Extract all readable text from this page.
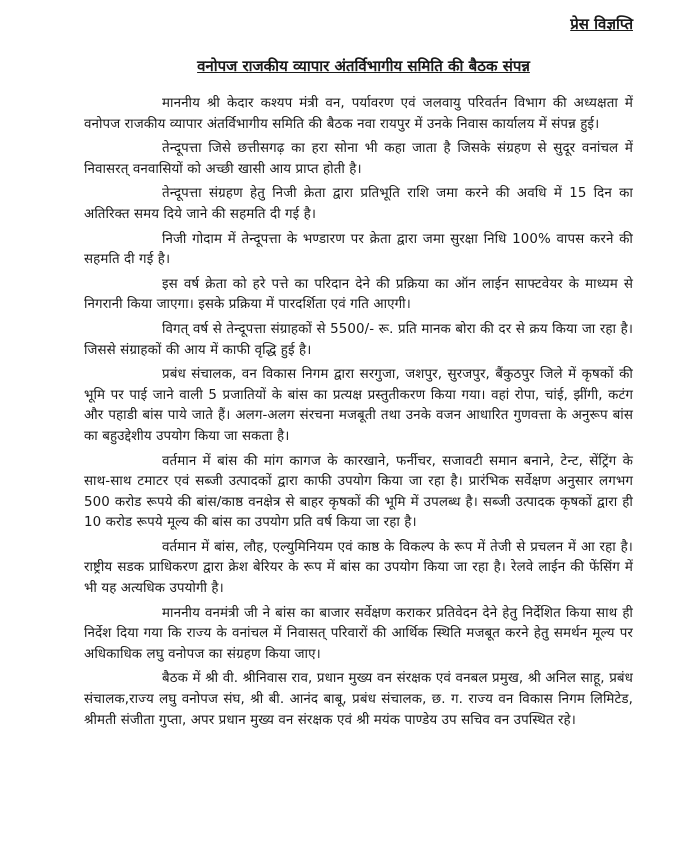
प्रेस विज्ञप्ति
वनोपज राजकीय व्यापार अंतर्विभागीय समिति की बैठक संपन्न

माननीय श्री केदार कश्यप मंत्री वन, पर्यावरण एवं जलवायु परिवर्तन विभाग की अध्यक्षता में वनोपज राजकीय व्यापार अंतर्विभागीय समिति की बैठक नवा रायपुर में उनके निवास कार्यालय में संपन्न हुई।

तेन्दूपत्ता जिसे छत्तीसगढ़ का हरा सोना भी कहा जाता है जिसके संग्रहण से सुदूर वनांचल में निवासरत् वनवासियों को अच्छी खासी आय प्राप्त होती है।

तेन्दूपत्ता संग्रहण हेतु निजी क्रेता द्वारा प्रतिभूति राशि जमा करने की अवधि में 15 दिन का अतिरिक्त समय दिये जाने की सहमति दी गई है।

निजी गोदाम में तेन्दूपत्ता के भण्डारण पर क्रेता द्वारा जमा सुरक्षा निधि 100% वापस करने की सहमति दी गई है।

इस वर्ष क्रेता को हरे पत्ते का परिदान देने की प्रक्रिया का ऑन लाईन साफ्टवेयर के माध्यम से निगरानी किया जाएगा। इसके प्रक्रिया में पारदर्शिता एवं गति आएगी।

विगत् वर्ष से तेन्दूपत्ता संग्राहकों से 5500/- रू. प्रति मानक बोरा की दर से क्रय किया जा रहा है। जिससे संग्राहकों की आय में काफी वृद्धि हुई है।

प्रबंध संचालक, वन विकास निगम द्वारा सरगुजा, जशपुर, सुरजपुर, बैंकुठपुर जिले में कृषकों की भूमि पर पाई जाने वाली 5 प्रजातियों के बांस का प्रत्यक्ष प्रस्तुतीकरण किया गया। वहां रोपा, चांई, झींगी, कटंग और पहाडी बांस पाये जाते हैं। अलग-अलग संरचना मजबूती तथा उनके वजन आधारित गुणवत्ता के अनुरूप बांस का बहुउद्देशीय उपयोग किया जा सकता है।

वर्तमान में बांस की मांग कागज के कारखाने, फर्नीचर, सजावटी समान बनाने, टेन्ट, सेंट्रिंग के साथ-साथ टमाटर एवं सब्जी उत्पादकों द्वारा काफी उपयोग किया जा रहा है। प्रारंभिक सर्वेक्षण अनुसार लगभग 500 करोड रूपये की बांस/काष्ठ वनक्षेत्र से बाहर कृषकों की भूमि में उपलब्ध है। सब्जी उत्पादक कृषकों द्वारा ही 10 करोड रूपये मूल्य की बांस का उपयोग प्रति वर्ष किया जा रहा है।

वर्तमान में बांस, लौह, एल्युमिनियम एवं काष्ठ के विकल्प के रूप में तेजी से प्रचलन में आ रहा है। राष्ट्रीय सडक प्राधिकरण द्वारा क्रेश बेरियर के रूप में बांस का उपयोग किया जा रहा है। रेलवे लाईन की फेंसिंग में भी यह अत्यधिक उपयोगी है।

माननीय वनमंत्री जी ने बांस का बाजार सर्वेक्षण कराकर प्रतिवेदन देने हेतु निर्देशित किया साथ ही निर्देश दिया गया कि राज्य के वनांचल में निवासत् परिवारों की आर्थिक स्थिति मजबूत करने हेतु समर्थन मूल्य पर अधिकाधिक लघु वनोपज का संग्रहण किया जाए।

बैठक में श्री वी. श्रीनिवास राव, प्रधान मुख्य वन संरक्षक एवं वनबल प्रमुख, श्री अनिल साहू, प्रबंध संचालक,राज्य लघु वनोपज संघ, श्री बी. आनंद बाबू, प्रबंध संचालक, छ. ग. राज्य वन विकास निगम लिमिटेड, श्रीमती संजीता गुप्ता, अपर प्रधान मुख्य वन संरक्षक एवं श्री मयंक पाण्डेय उप सचिव वन उपस्थित रहे।
